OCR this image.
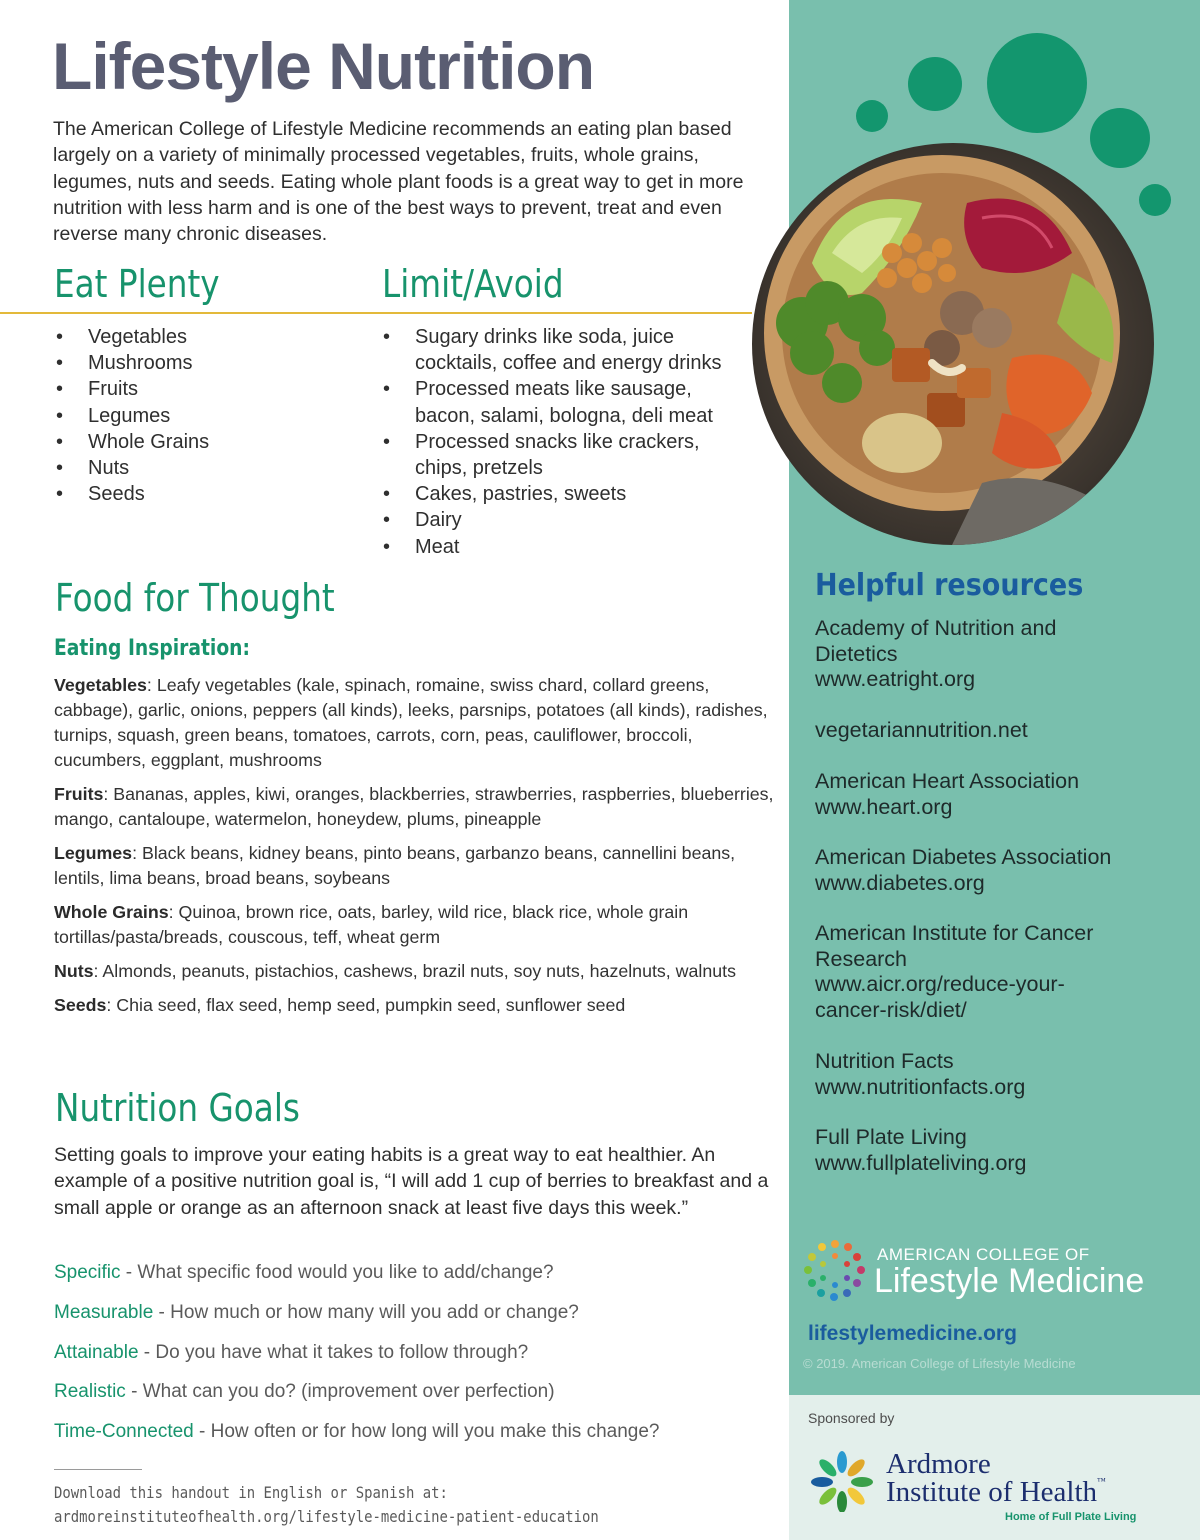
Lifestyle Nutrition
The American College of Lifestyle Medicine recommends an eating plan based largely on a variety of minimally processed vegetables, fruits, whole grains, legumes, nuts and seeds. Eating whole plant foods is a great way to get in more nutrition with less harm and is one of the best ways to prevent, treat and even reverse many chronic diseases.
Eat Plenty	Limit/Avoid
• Vegetables
• Mushrooms
• Fruits
• Legumes
• Whole Grains
• Nuts
• Seeds
• Sugary drinks like soda, juice cocktails, coffee and energy drinks
• Processed meats like sausage, bacon, salami, bologna, deli meat
• Processed snacks like crackers, chips, pretzels
• Cakes, pastries, sweets
• Dairy
• Meat
Food for Thought
Eating Inspiration:

Vegetables: Leafy vegetables (kale, spinach, romaine, swiss chard, collard greens, cabbage), garlic, onions, peppers (all kinds), leeks, parsnips, potatoes (all kinds), radishes, turnips, squash, green beans, tomatoes, carrots, corn, peas, cauliflower, broccoli, cucumbers, eggplant, mushrooms

Fruits: Bananas, apples, kiwi, oranges, blackberries, strawberries, raspberries, blueberries, mango, cantaloupe, watermelon, honeydew, plums, pineapple

Legumes: Black beans, kidney beans, pinto beans, garbanzo beans, cannellini beans, lentils, lima beans, broad beans, soybeans

Whole Grains: Quinoa, brown rice, oats, barley, wild rice, black rice, whole grain tortillas/pasta/breads, couscous, teff, wheat germ

Nuts: Almonds, peanuts, pistachios, cashews, brazil nuts, soy nuts, hazelnuts, walnuts

Seeds: Chia seed, flax seed, hemp seed, pumpkin seed, sunflower seed

Nutrition Goals
Setting goals to improve your eating habits is a great way to eat healthier. An example of a positive nutrition goal is, “I will add 1 cup of berries to breakfast and a small apple or orange as an afternoon snack at least five days this week.”
Specific - What specific food would you like to add/change?
Measurable - How much or how many will you add or change?
Attainable - Do you have what it takes to follow through?
Realistic - What can you do? (improvement over perfection)
Time-Connected - How often or for how long will you make this change?
Download this handout in English or Spanish at:
ardmoreinstituteofhealth.org/lifestyle-medicine-patient-education
Helpful resources
Academy of Nutrition and
Dietetics
www.eatright.org
vegetariannutrition.net
American Heart Association
www.heart.org
American Diabetes Association
www.diabetes.org
American Institute for Cancer
Research
www.aicr.org/reduce-your-
cancer-risk/diet/
Nutrition Facts
www.nutritionfacts.org
Full Plate Living
www.fullplateliving.org
AMERICAN COLLEGE OF
Lifestyle Medicine
lifestylemedicine.org
© 2019. American College of Lifestyle Medicine
Sponsored by
Ardmore
Institute of Health™
Home of Full Plate Living
